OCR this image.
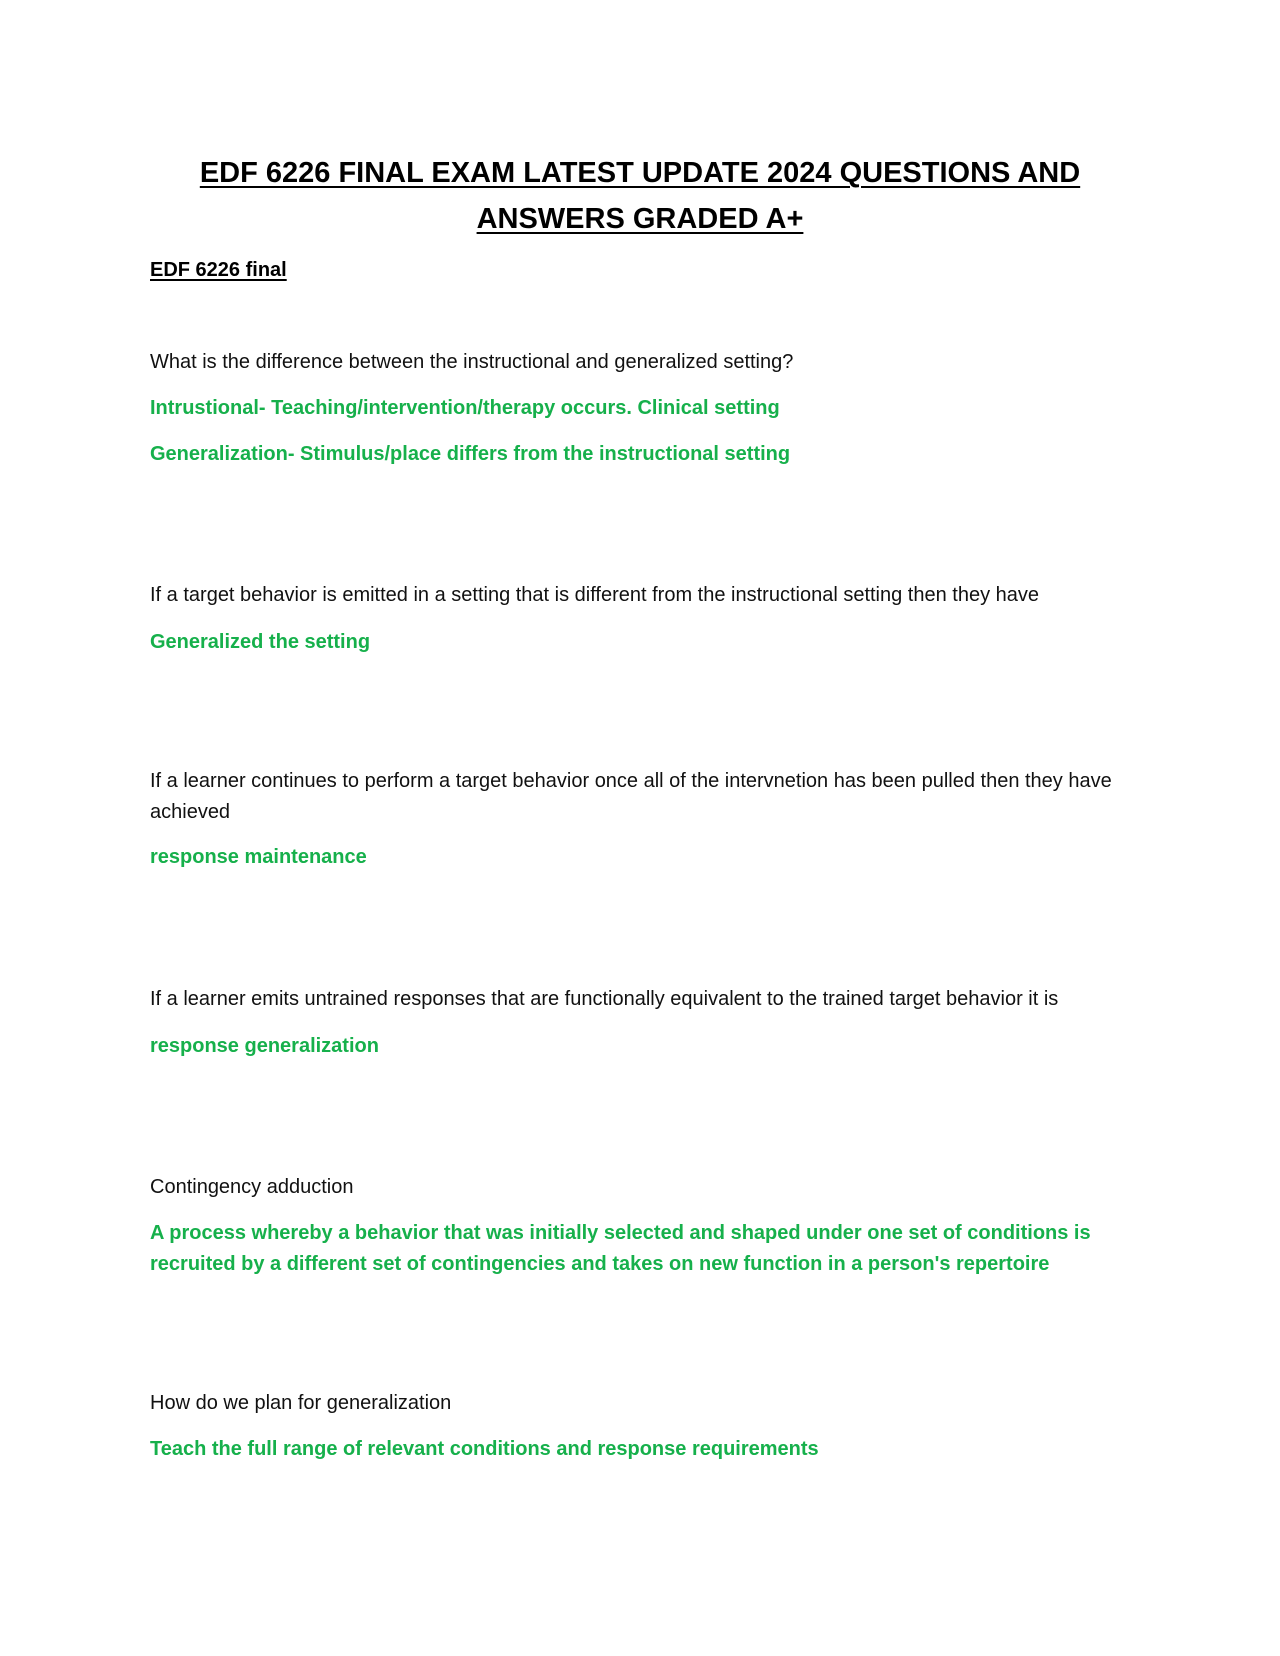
EDF 6226 FINAL EXAM LATEST UPDATE 2024 QUESTIONS AND ANSWERS GRADED A+
EDF 6226 final
What is the difference between the instructional and generalized setting?
Intrustional- Teaching/intervention/therapy occurs. Clinical setting
Generalization- Stimulus/place differs from the instructional setting
If a target behavior is emitted in a setting that is different from the instructional setting then they have
Generalized the setting
If a learner continues to perform a target behavior once all of the intervnetion has been pulled then they have achieved
response maintenance
If a learner emits untrained responses that are functionally equivalent to the trained target behavior it is
response generalization
Contingency adduction
A process whereby a behavior that was initially selected and shaped under one set of conditions is recruited by a different set of contingencies and takes on new function in a person's repertoire
How do we plan for generalization
Teach the full range of relevant conditions and response requirements
